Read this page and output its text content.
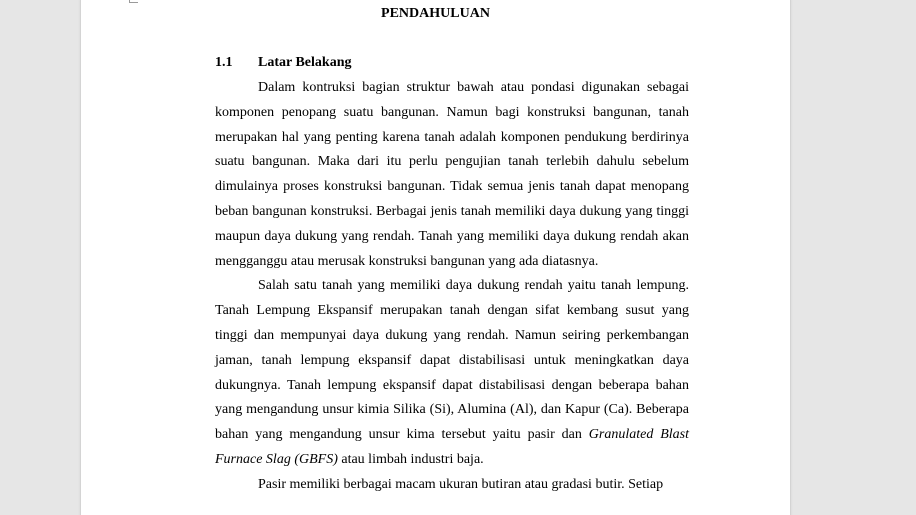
PENDAHULUAN
1.1 Latar Belakang

Dalam kontruksi bagian struktur bawah atau pondasi digunakan sebagai komponen penopang suatu bangunan. Namun bagi konstruksi bangunan, tanah merupakan hal yang penting karena tanah adalah komponen pendukung berdirinya suatu bangunan. Maka dari itu perlu pengujian tanah terlebih dahulu sebelum dimulainya proses konstruksi bangunan. Tidak semua jenis tanah dapat menopang beban bangunan konstruksi. Berbagai jenis tanah memiliki daya dukung yang tinggi maupun daya dukung yang rendah. Tanah yang memiliki daya dukung rendah akan mengganggu atau merusak konstruksi bangunan yang ada diatasnya.

Salah satu tanah yang memiliki daya dukung rendah yaitu tanah lempung. Tanah Lempung Ekspansif merupakan tanah dengan sifat kembang susut yang tinggi dan mempunyai daya dukung yang rendah. Namun seiring perkembangan jaman, tanah lempung ekspansif dapat distabilisasi untuk meningkatkan daya dukungnya. Tanah lempung ekspansif dapat distabilisasi dengan beberapa bahan yang mengandung unsur kimia Silika (Si), Alumina (Al), dan Kapur (Ca). Beberapa bahan yang mengandung unsur kima tersebut yaitu pasir dan Granulated Blast Furnace Slag (GBFS) atau limbah industri baja.

Pasir memiliki berbagai macam ukuran butiran atau gradasi butir. Setiap
